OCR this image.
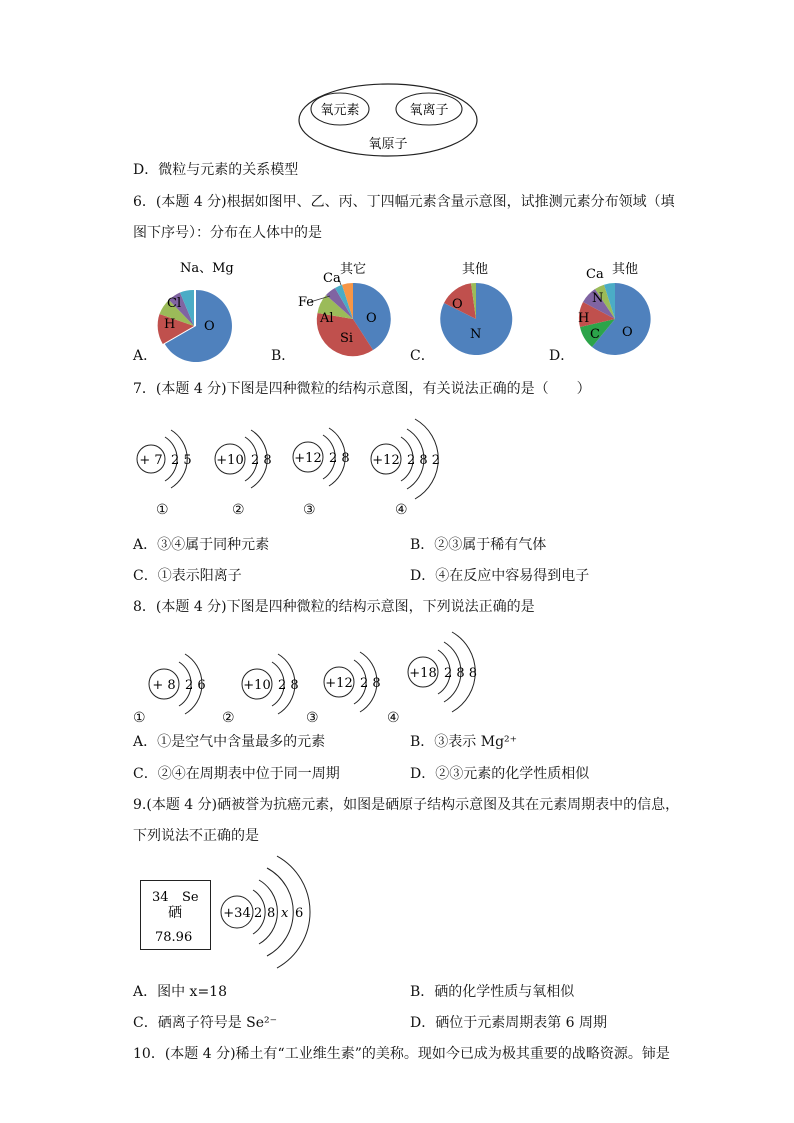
氧元素	氧离子
氧原子
D．微粒与元素的关系模型
6．(本题 4 分)根据如图甲、乙、丙、丁四幅元素含量示意图，试推测元素分布领域（填
图下序号）：分布在人体中的是
Na、Mg
Cl
H O
A．
其它
Ca
Fe
Al O
Si
B．
其他
O
N
C．
Ca 其他
N
H
C O
D．
7．(本题 4 分)下图是四种微粒的结构示意图，有关说法正确的是（　　）
+ 7 2 5 +10 2 8 +12 2 8 +12 2 8 2
①	②	③	④
A．③④属于同种元素	B．②③属于稀有气体
C．①表示阳离子	D．④在反应中容易得到电子
8．(本题 4 分)下图是四种微粒的结构示意图，下列说法正确的是
+ 8 2 6	+10 2 8 +12 2 8
+18 2 8 8
①	②	③	④
A．①是空气中含量最多的元素	B．③表示 Mg²⁺
C．②④在周期表中位于同一周期	D．②③元素的化学性质相似
9.(本题 4 分)硒被誉为抗癌元素，如图是硒原子结构示意图及其在元素周期表中的信息，
下列说法不正确的是
34 Se
硒
78.96
+34 2 8 x 6
A．图中 x=18	B．硒的化学性质与氧相似
C．硒离子符号是 Se²⁻	D．硒位于元素周期表第 6 周期
10．(本题 4 分)稀土有“工业维生素”的美称。现如今已成为极其重要的战略资源。铈是
